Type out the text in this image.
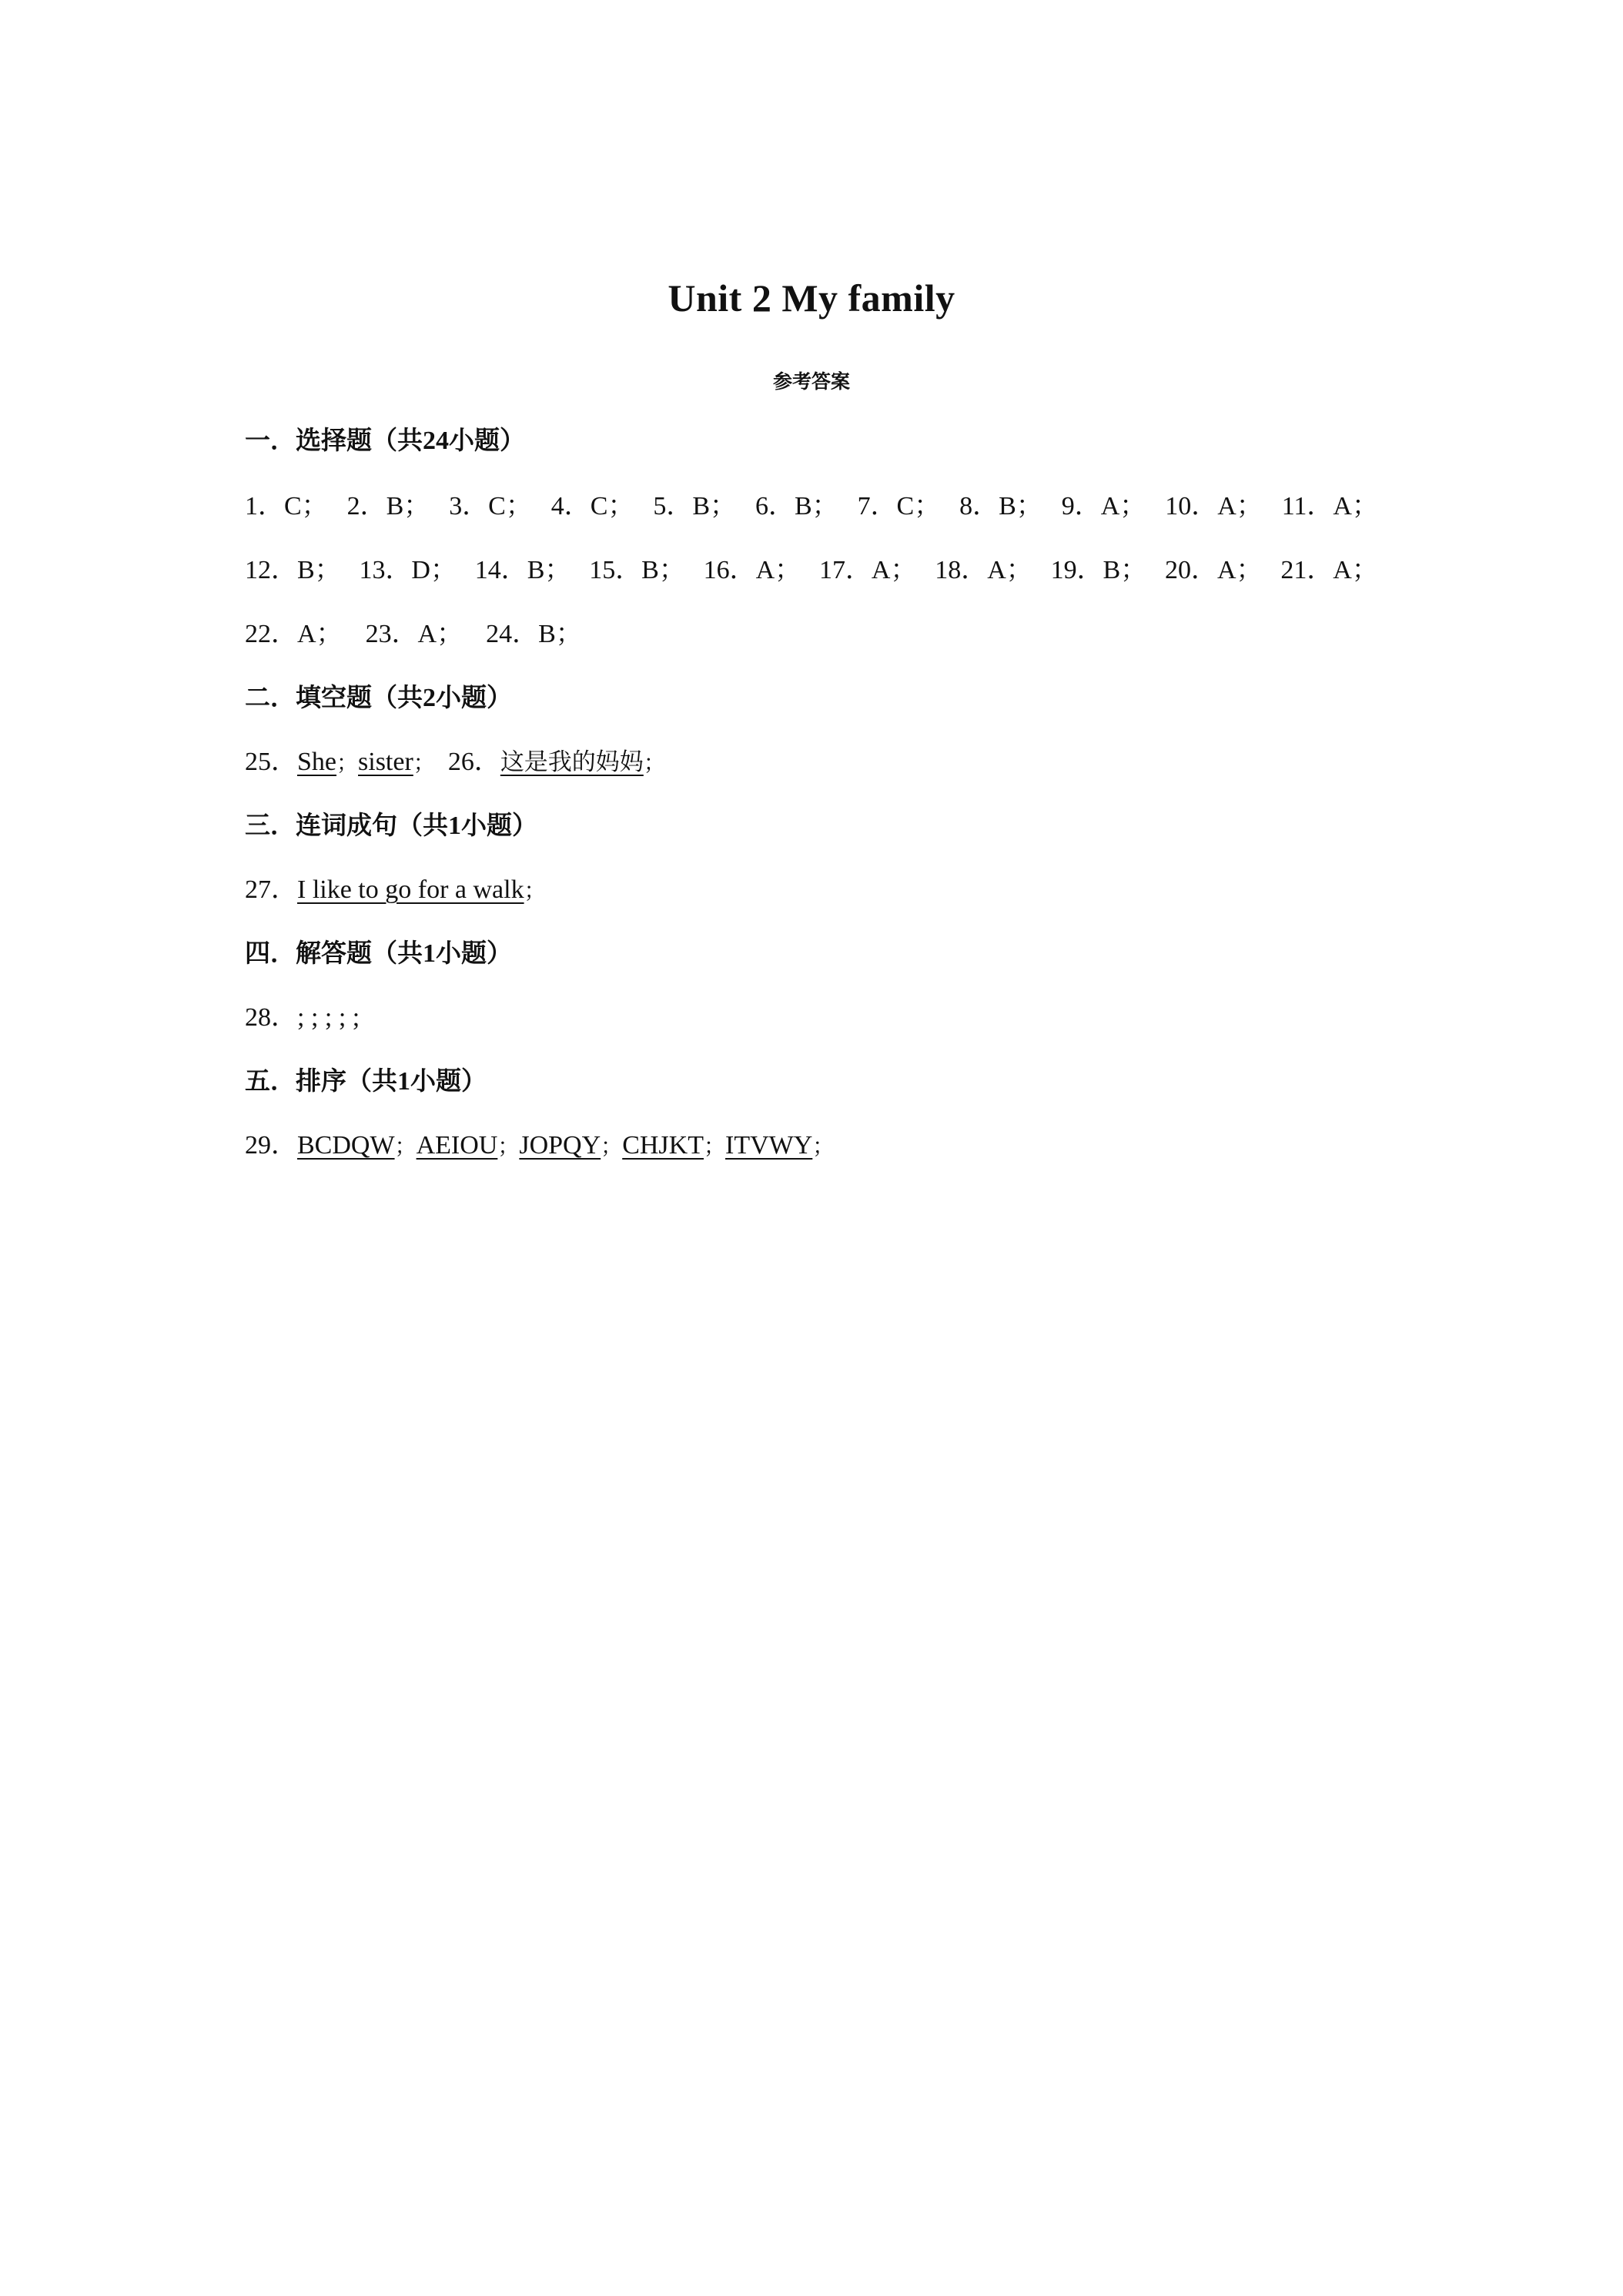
Unit 2 My family
参考答案
一．选择题（共24小题）
1．C； 2．B； 3．C； 4．C； 5．B； 6．B； 7．C； 8．B； 9．A； 10．A； 11．A；
12．B； 13．D； 14．B； 15．B； 16．A； 17．A； 18．A； 19．B； 20．A； 21．A；
22．A； 23．A； 24．B；
二．填空题（共2小题）
25．She；sister； 26．这是我的妈妈；
三．连词成句（共1小题）
27．I like to go for a walk；
四．解答题（共1小题）
28．; ; ; ; ;
五．排序（共1小题）
29．BCDQW；AEIOU；JOPQY；CHJKT；ITVWY；
